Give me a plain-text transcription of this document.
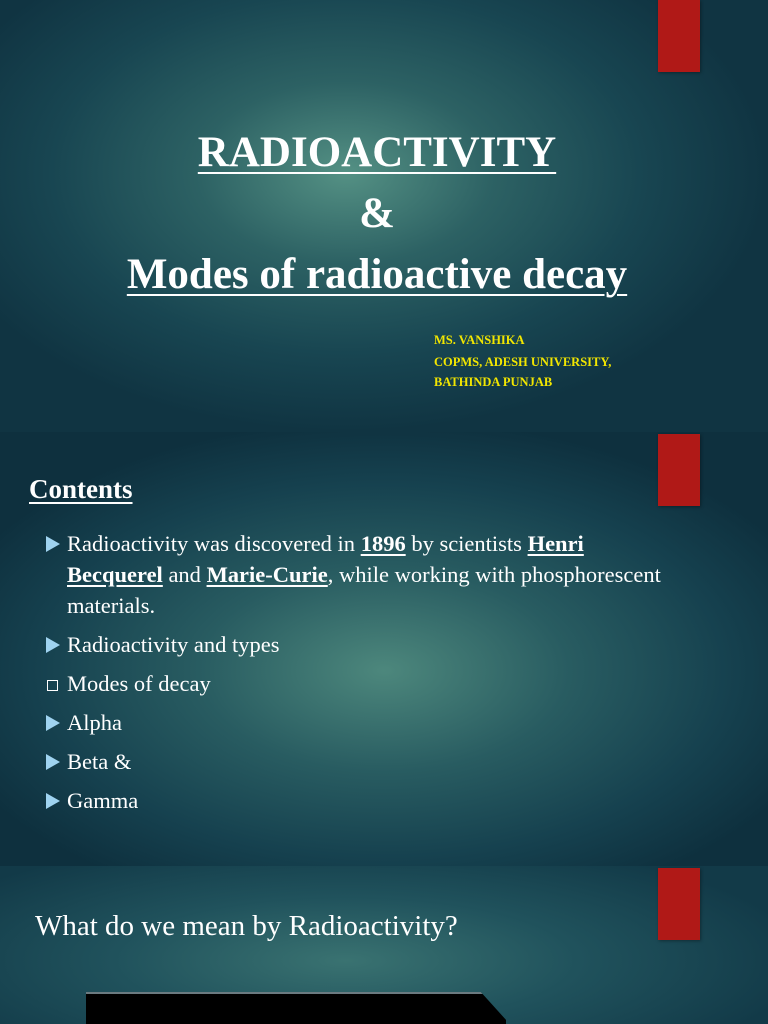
RADIOACTIVITY
&
Modes of radioactive decay
MS. VANSHIKA
COPMS, ADESH UNIVERSITY,
BATHINDA PUNJAB
Contents
Radioactivity was discovered in 1896 by scientists Henri Becquerel and Marie-Curie, while working with phosphorescent materials.
Radioactivity and types
Modes of decay
Alpha
Beta &
Gamma
What do we mean by Radioactivity?
